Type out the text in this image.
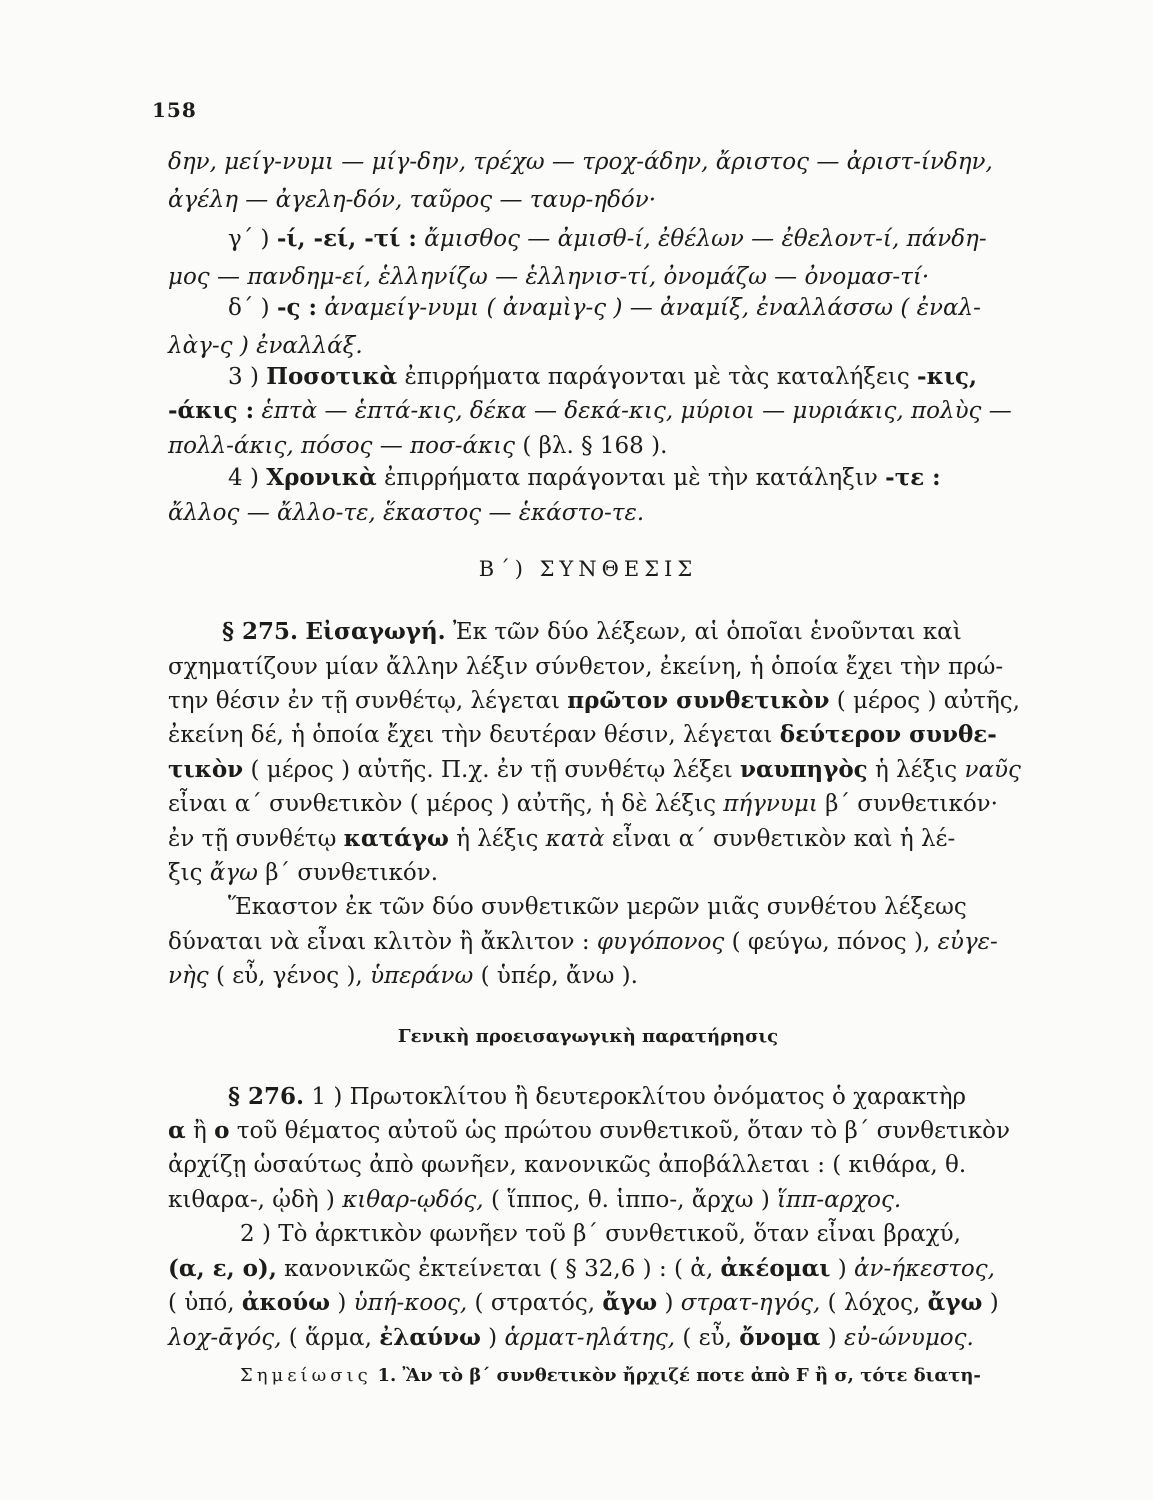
158
δην, μείγ-νυμι — μίγ-δην, τρέχω — τροχ-άδην, ἄριστος — ἀριστ-ίνδην,
ἀγέλη — ἀγελη-δόν, ταῦρος — ταυρ-ηδόν·
γ΄ ) -ί, -εί, -τί : ἄμισθος — ἀμισθ-ί, ἐθέλων — ἐθελοντ-ί, πάνδη-
μος — πανδημ-εί, ἑλληνίζω — ἑλληνισ-τί, ὀνομάζω — ὀνομασ-τί·
δ΄ ) -ς : ἀναμείγ-νυμι ( ἀναμὶγ-ς ) — ἀναμίξ, ἐναλλάσσω ( ἐναλ-
λὰγ-ς ) ἐναλλάξ.
3 ) Ποσοτικὰ ἐπιρρήματα παράγονται μὲ τὰς καταλήξεις -κις,
-άκις : ἑπτὰ — ἑπτά-κις, δέκα — δεκά-κις, μύριοι — μυριάκις, πολὺς —
πολλ-άκις, πόσος — ποσ-άκις ( βλ. § 168 ).
4 ) Χρονικὰ ἐπιρρήματα παράγονται μὲ τὴν κατάληξιν -τε :
ἄλλος — ἄλλο-τε, ἕκαστος — ἑκάστο-τε.
Β΄) ΣΥΝΘΕΣΙΣ
§ 275. Εἰσαγωγή. Ἐκ τῶν δύο λέξεων, αἱ ὁποῖαι ἑνοῦνται καὶ
σχηματίζουν μίαν ἄλλην λέξιν σύνθετον, ἐκείνη, ἡ ὁποία ἔχει τὴν πρώ-
την θέσιν ἐν τῇ συνθέτῳ, λέγεται πρῶτον συνθετικὸν ( μέρος ) αὐτῆς,
ἐκείνη δέ, ἡ ὁποία ἔχει τὴν δευτέραν θέσιν, λέγεται δεύτερον συνθε-
τικὸν ( μέρος ) αὐτῆς. Π.χ. ἐν τῇ συνθέτῳ λέξει ναυπηγὸς ἡ λέξις ναῦς
εἶναι α΄ συνθετικὸν ( μέρος ) αὐτῆς, ἡ δὲ λέξις πήγνυμι β΄ συνθετικόν·
ἐν τῇ συνθέτῳ κατάγω ἡ λέξις κατὰ εἶναι α΄ συνθετικὸν καὶ ἡ λέ-
ξις ἄγω β΄ συνθετικόν.
Ἕκαστον ἐκ τῶν δύο συνθετικῶν μερῶν μιᾶς συνθέτου λέξεως
δύναται νὰ εἶναι κλιτὸν ἢ ἄκλιτον : φυγόπονος ( φεύγω, πόνος ), εὐγε-
νὴς ( εὖ, γένος ), ὑπεράνω ( ὑπέρ, ἄνω ).
Γενικὴ προεισαγωγικὴ παρατήρησις
§ 276. 1 ) Πρωτοκλίτου ἢ δευτεροκλίτου ὀνόματος ὁ χαρακτὴρ
α ἢ ο τοῦ θέματος αὐτοῦ ὡς πρώτου συνθετικοῦ, ὅταν τὸ β΄ συνθετικὸν
ἀρχίζῃ ὡσαύτως ἀπὸ φωνῆεν, κανονικῶς ἀποβάλλεται : ( κιθάρα, θ.
κιθαρα-, ᾠδὴ ) κιθαρ-ῳδός, ( ἵππος, θ. ἱππο-, ἄρχω ) ἵππ-αρχος.
2 ) Τὸ ἀρκτικὸν φωνῆεν τοῦ β΄ συνθετικοῦ, ὅταν εἶναι βραχύ,
(α, ε, ο), κανονικῶς ἐκτείνεται ( § 32,6 ) : ( ἀ, ἀκέομαι ) ἀν-ήκεστος,
( ὑπό, ἀκούω ) ὑπή-κοος, ( στρατός, ἄγω ) στρατ-ηγός, ( λόχος, ἄγω )
λοχ-ᾱγός, ( ἅρμα, ἐλαύνω ) ἁρματ-ηλάτης, ( εὖ, ὄνομα ) εὐ-ώνυμος.
Σημείωσις 1. Ἂν τὸ β΄ συνθετικὸν ἤρχιζέ ποτε ἀπὸ F ἢ σ, τότε διατη-
